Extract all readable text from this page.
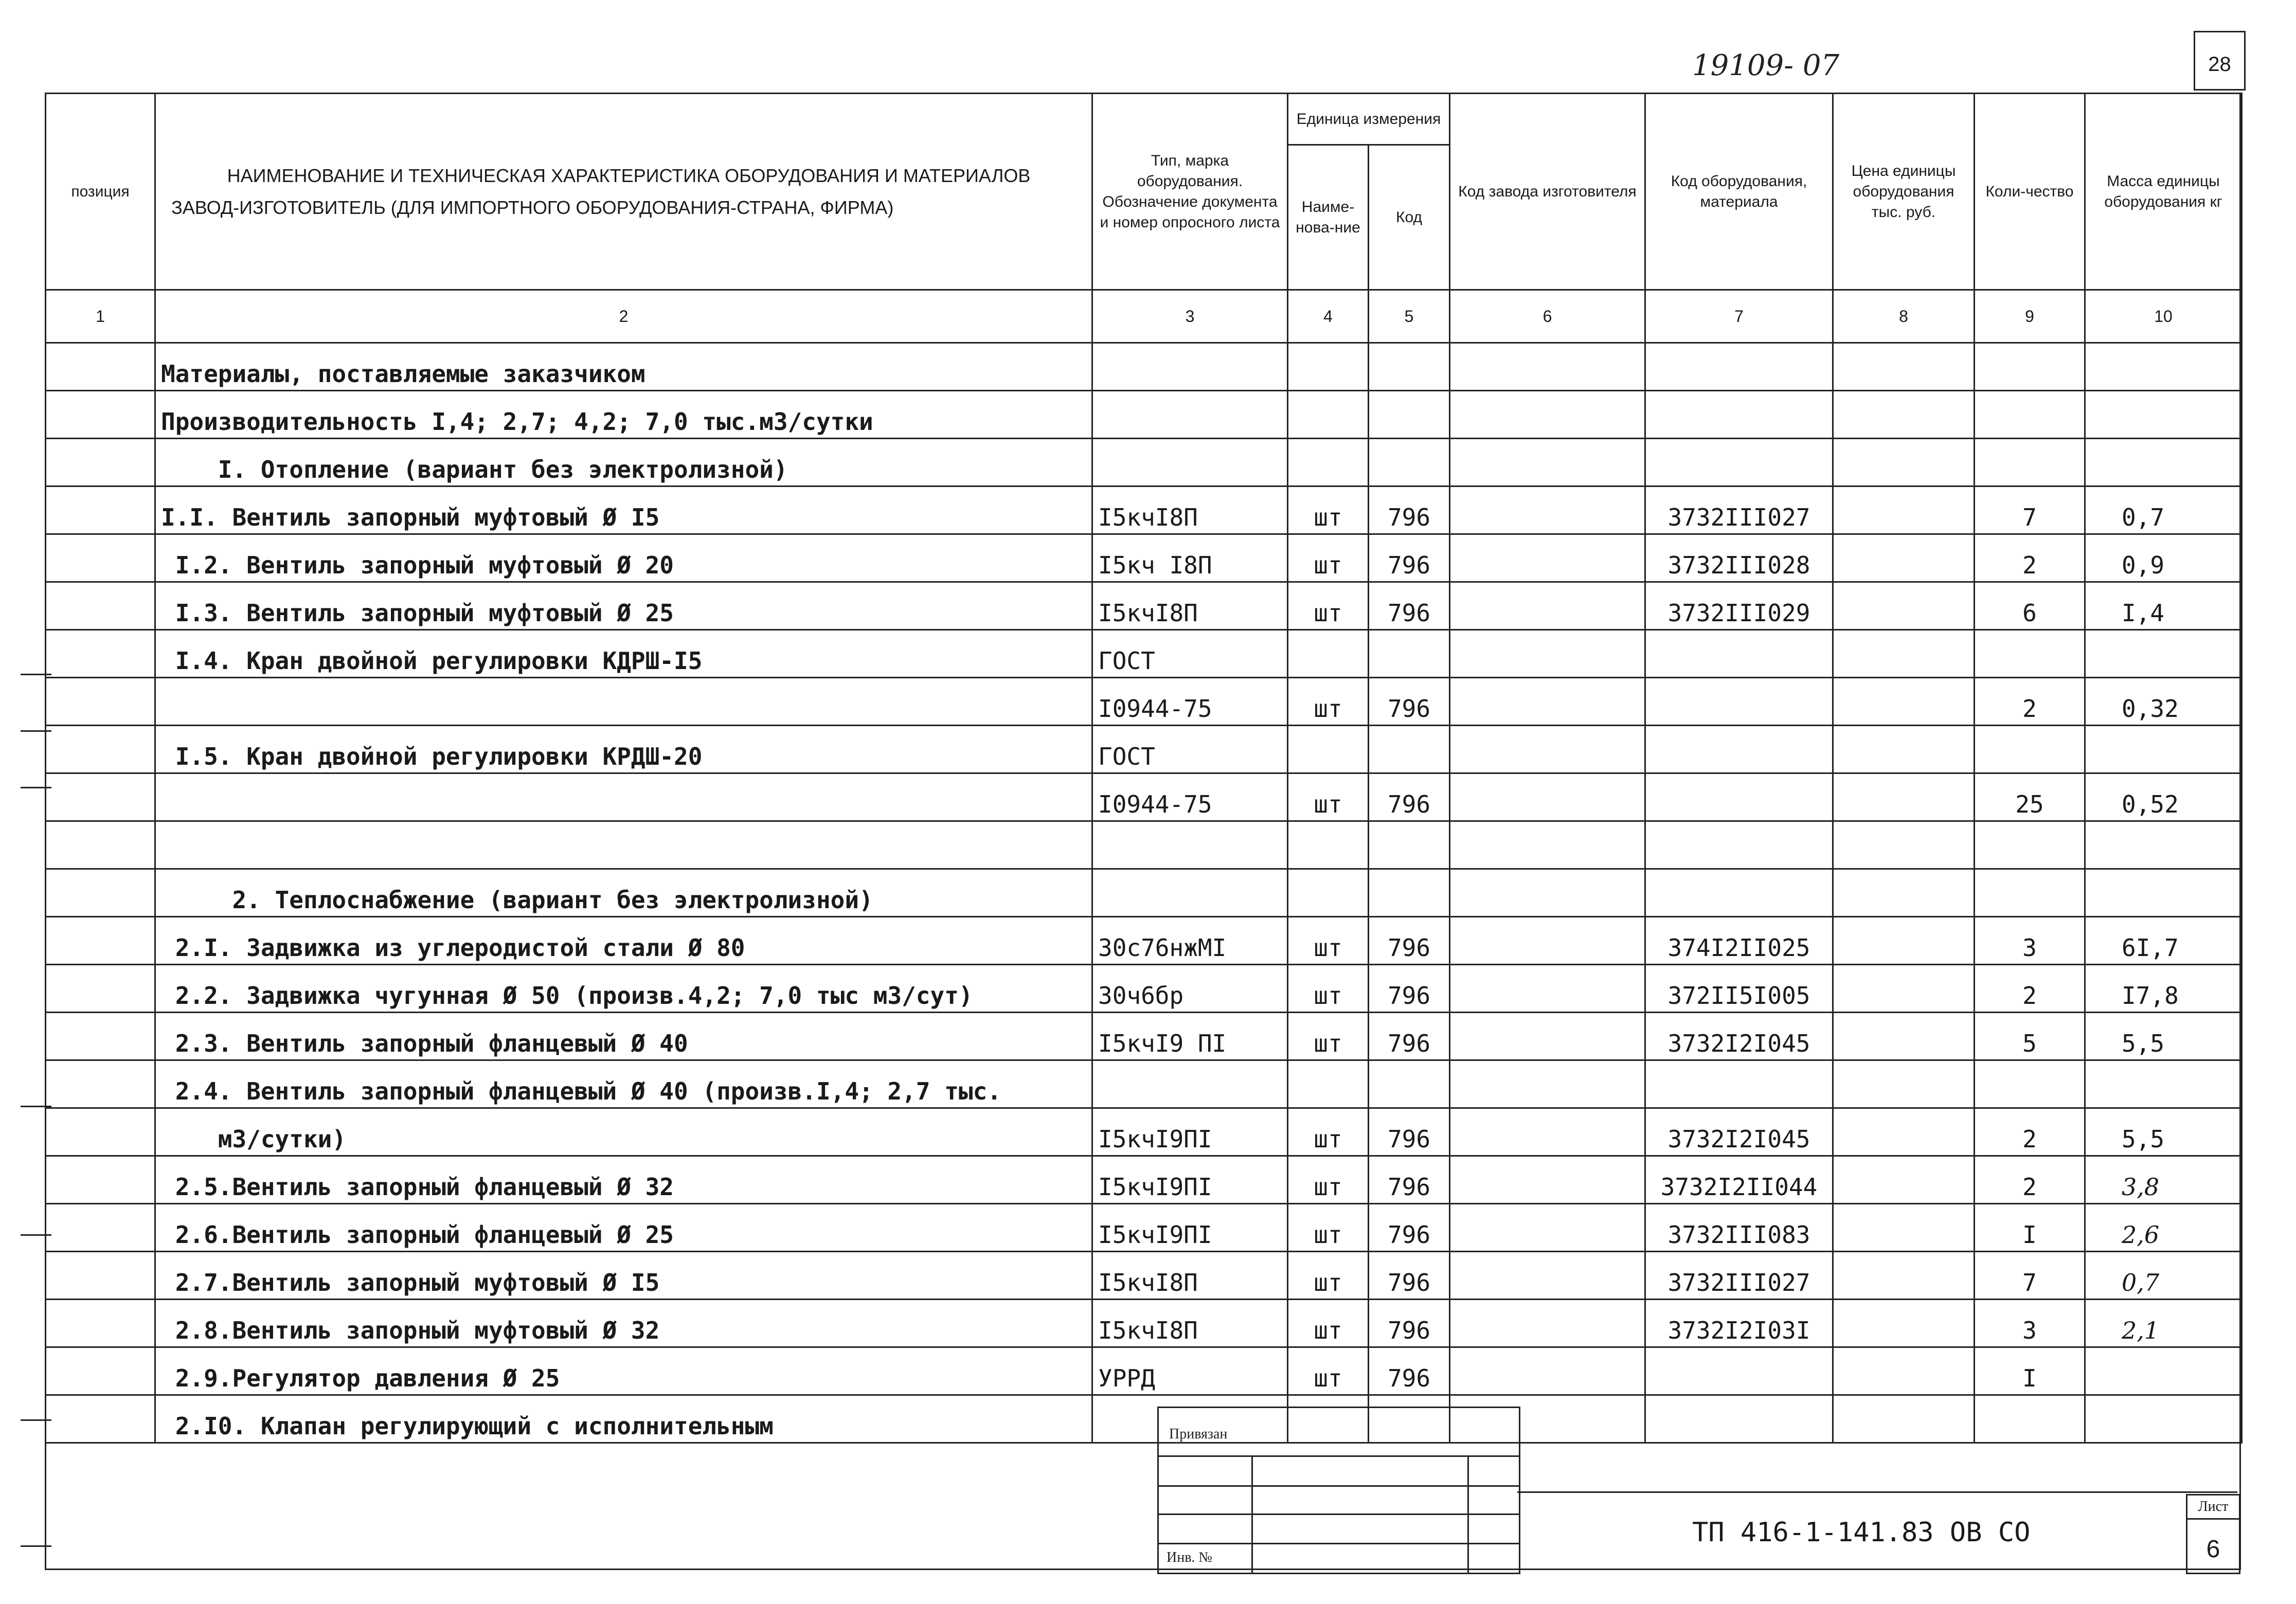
19109- 07	28
позиция	НАИМЕНОВАНИЕ И ТЕХНИЧЕСКАЯ ХАРАКТЕРИСТИКА ОБОРУДОВАНИЯ И МАТЕРИАЛОВ
ЗАВОД-ИЗГОТОВИТЕЛЬ (ДЛЯ ИМПОРТНОГО ОБОРУДОВАНИЯ-СТРАНА, ФИРМА)	Тип, марка оборудования. Обозначение документа и номер опросного листа	Единица измерения		Код завода изготовителя	Код оборудования, материала	Цена единицы оборудования тыс. руб.	Коли-чество	Масса единицы оборудования кг
			Наиме-нова-ние	Код					
1	2	3	4	5	6	7	8	9	10
	Материалы, поставляемые заказчиком								
	Производительность I,4; 2,7; 4,2; 7,0 тыс.м3/сутки								
	I. Отопление (вариант без электролизной)								
	I.I. Вентиль запорный муфтовый Ø I5	I5кчI8П	шт	796		3732III027		7	0,7
	I.2. Вентиль запорный муфтовый Ø 20	I5кч I8П	шт	796		3732III028		2	0,9
	I.3. Вентиль запорный муфтовый Ø 25	I5кчI8П	шт	796		3732III029		6	I,4
	I.4. Кран двойной регулировки КДРШ-I5	ГОСТ							
		I0944-75	шт	796				2	0,32
	I.5. Кран двойной регулировки КРДШ-20	ГОСТ							
		I0944-75	шт	796				25	0,52

	2. Теплоснабжение (вариант без электролизной)								
	2.I. Задвижка из углеродистой стали Ø 80	30с76нжМI	шт	796		374I2II025		3	6I,7
	2.2. Задвижка чугунная Ø 50 (произв.4,2; 7,0 тыс м3/сут)	30ч6бр	шт	796		372II5I005		2	I7,8
	2.3. Вентиль запорный фланцевый Ø 40	I5кчI9 ПI	шт	796		3732I2I045		5	5,5
	2.4. Вентиль запорный фланцевый Ø 40 (произв.I,4; 2,7 тыс.								
	м3/сутки)	I5кчI9ПI	шт	796		3732I2I045		2	5,5
	2.5.Вентиль запорный фланцевый Ø 32	I5кчI9ПI	шт	796		3732I2II044		2	3,8
	2.6.Вентиль запорный фланцевый Ø 25	I5кчI9ПI	шт	796		3732III083		I	2,6
	2.7.Вентиль запорный муфтовый Ø I5	I5кчI8П	шт	796		3732III027		7	0,7
	2.8.Вентиль запорный муфтовый Ø 32	I5кчI8П	шт	796		3732I2I03I		3	2,1
	2.9.Регулятор давления Ø 25	УРРД	шт	796				I	
	2.I0. Клапан регулирующий с исполнительным									Привязан
Инв. №
ТП 416-1-141.83 ОВ СО
Лист
6
